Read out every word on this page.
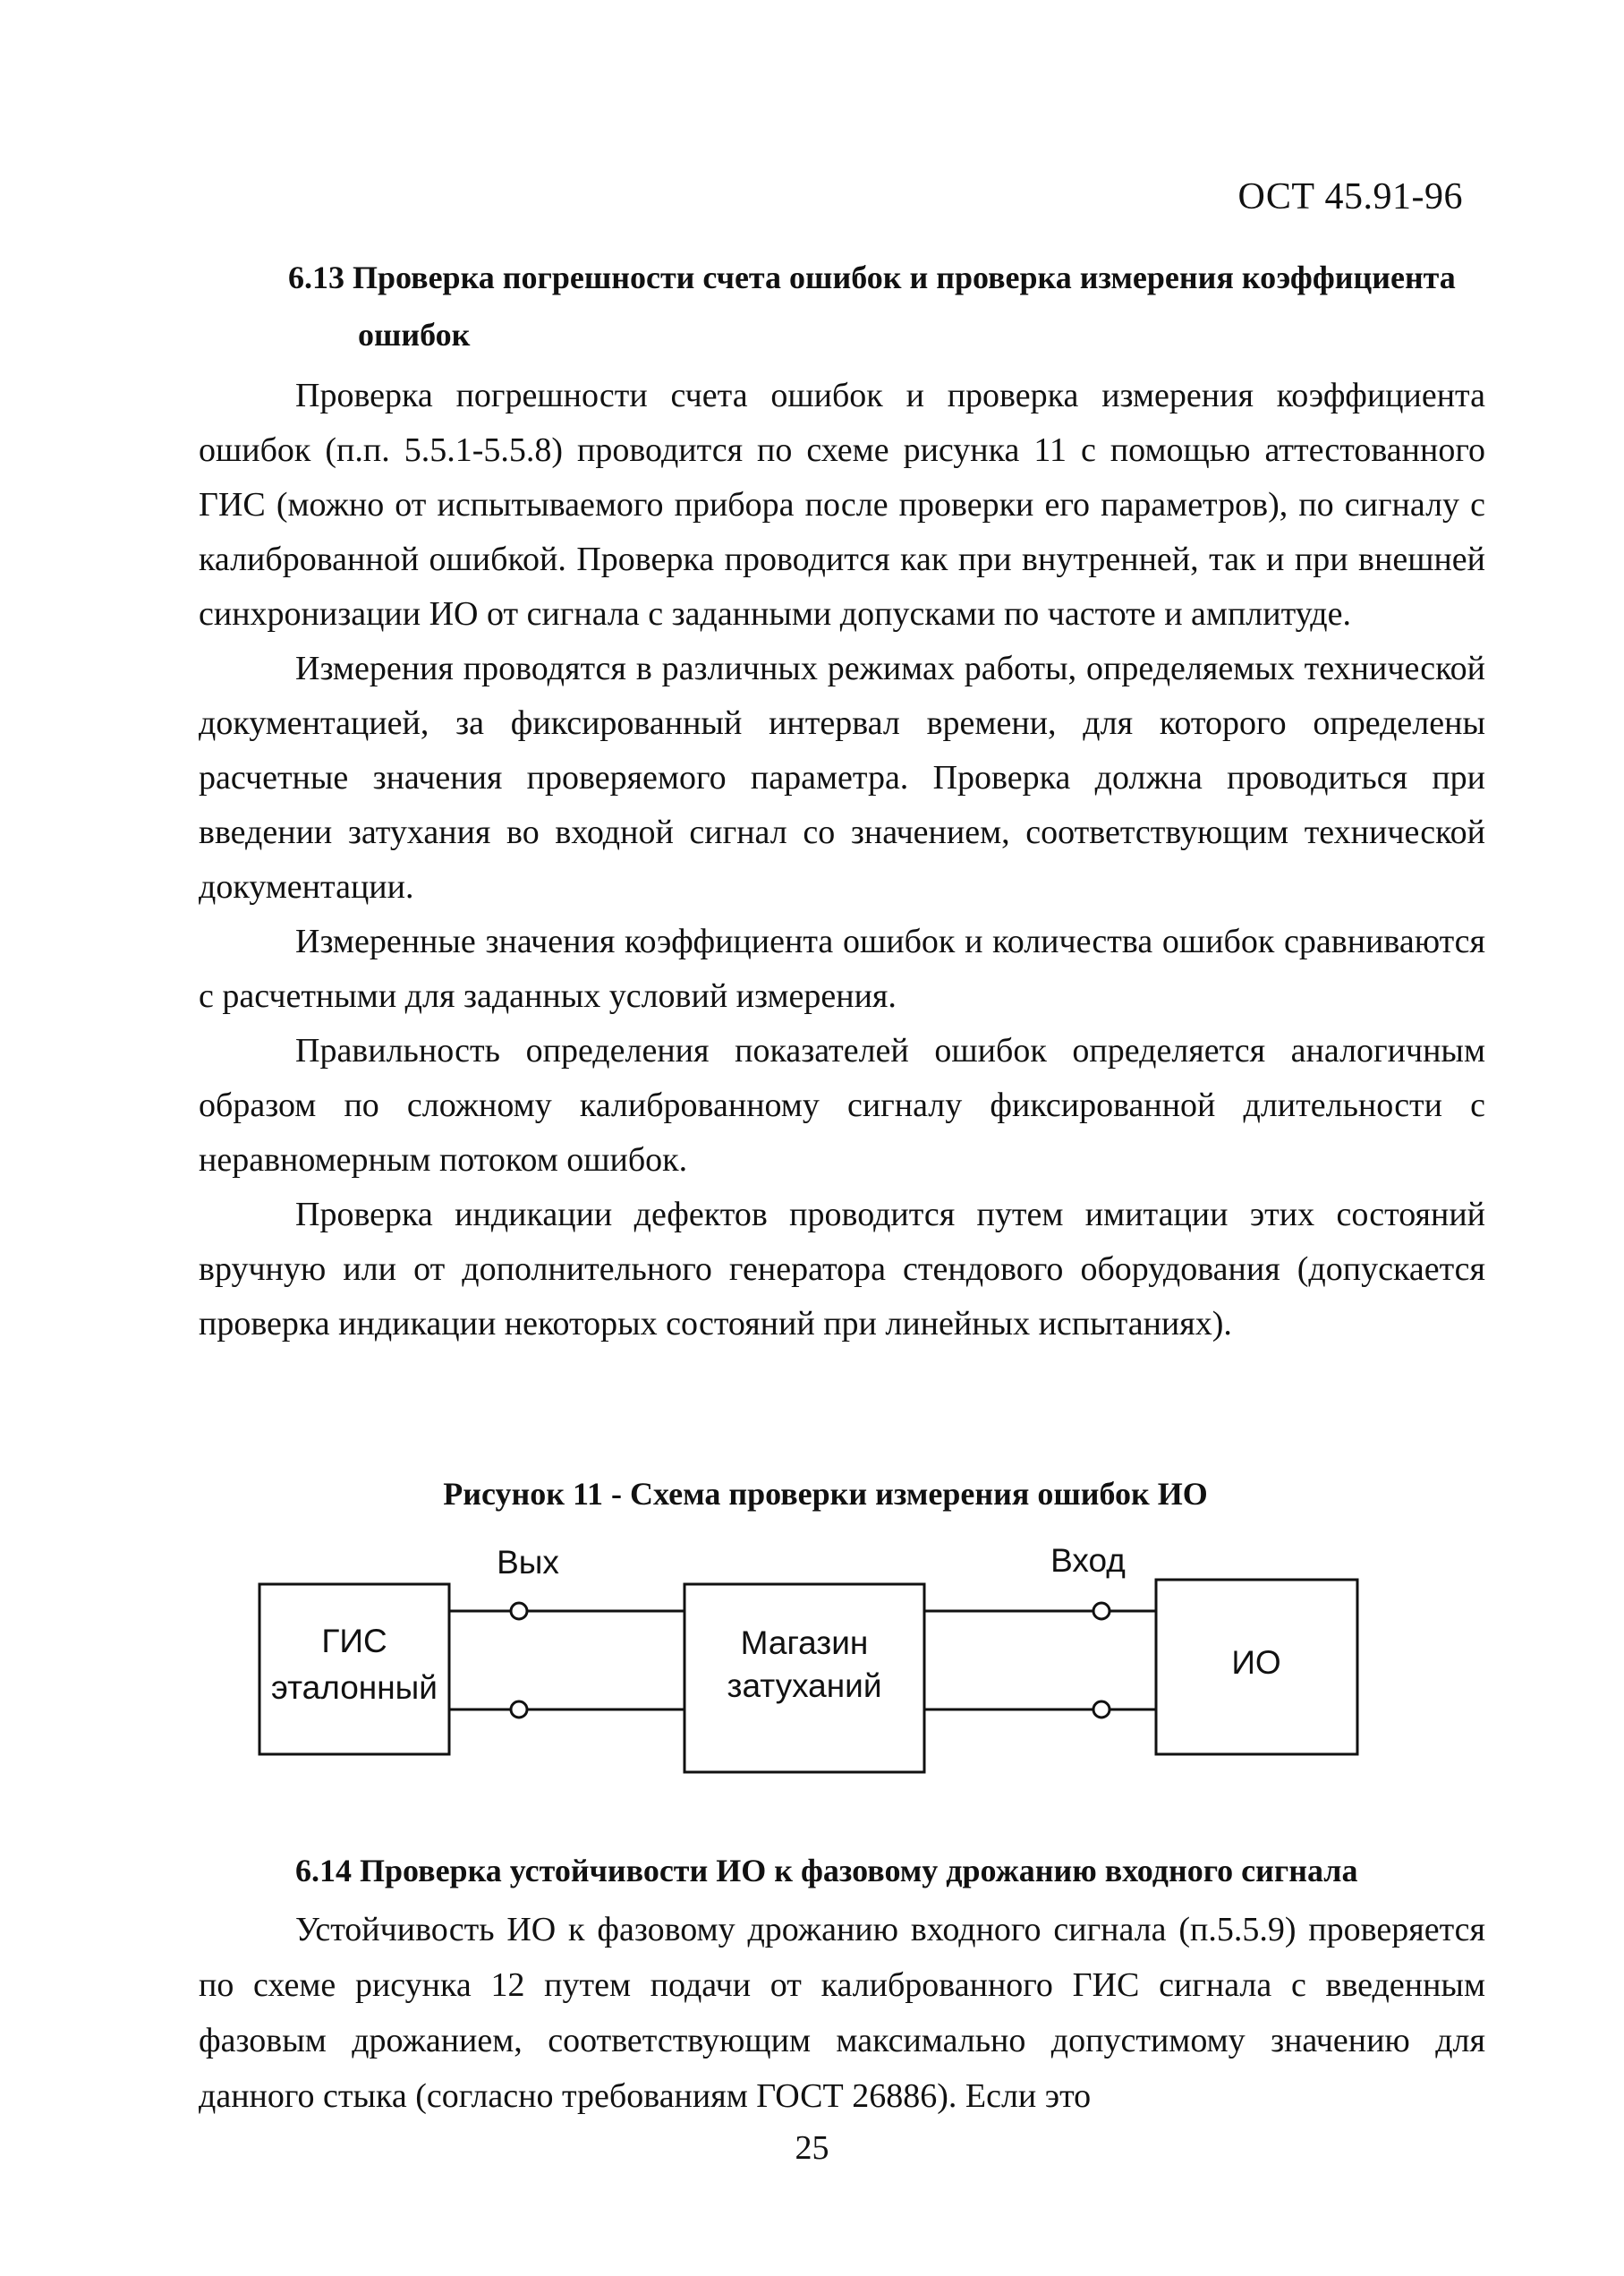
ОСТ 45.91-96
6.13 Проверка погрешности счета ошибок и проверка измерения коэффициента
ошибок

Проверка погрешности счета ошибок и проверка измерения коэффициента ошибок (п.п. 5.5.1-5.5.8) проводится по схеме рисунка 11 с помощью аттестованного ГИС (можно от испытываемого прибора после проверки его параметров), по сигналу с калиброванной ошибкой. Проверка проводится как при внутренней, так и при внешней синхронизации ИО от сигнала с заданными допусками по частоте и амплитуде.

Измерения проводятся в различных режимах работы, определяемых технической документацией, за фиксированный интервал времени, для которого определены расчетные значения проверяемого параметра. Проверка должна проводиться при введении затухания во входной сигнал со значением, соответствующим технической документации.

Измеренные значения коэффициента ошибок и количества ошибок сравниваются с расчетными для заданных условий измерения.

Правильность определения показателей ошибок определяется аналогичным образом по сложному калиброванному сигналу фиксированной длительности с неравномерным потоком ошибок.

Проверка индикации дефектов проводится путем имитации этих состояний вручную или от дополнительного генератора стендового оборудования (допускается проверка индикации некоторых состояний при линейных испытаниях).

Рисунок 11 - Схема проверки измерения ошибок ИО
ГИС
эталонный
Магазин
затуханий
ИО
Вых	Вход
6.14 Проверка устойчивости ИО к фазовому дрожанию входного сигнала

Устойчивость ИО к фазовому дрожанию входного сигнала (п.5.5.9) проверяется по схеме рисунка 12 путем подачи от калиброванного ГИС сигнала с введенным фазовым дрожанием, соответствующим максимально допустимому значению для данного стыка (согласно требованиям ГОСТ 26886). Если это

25
